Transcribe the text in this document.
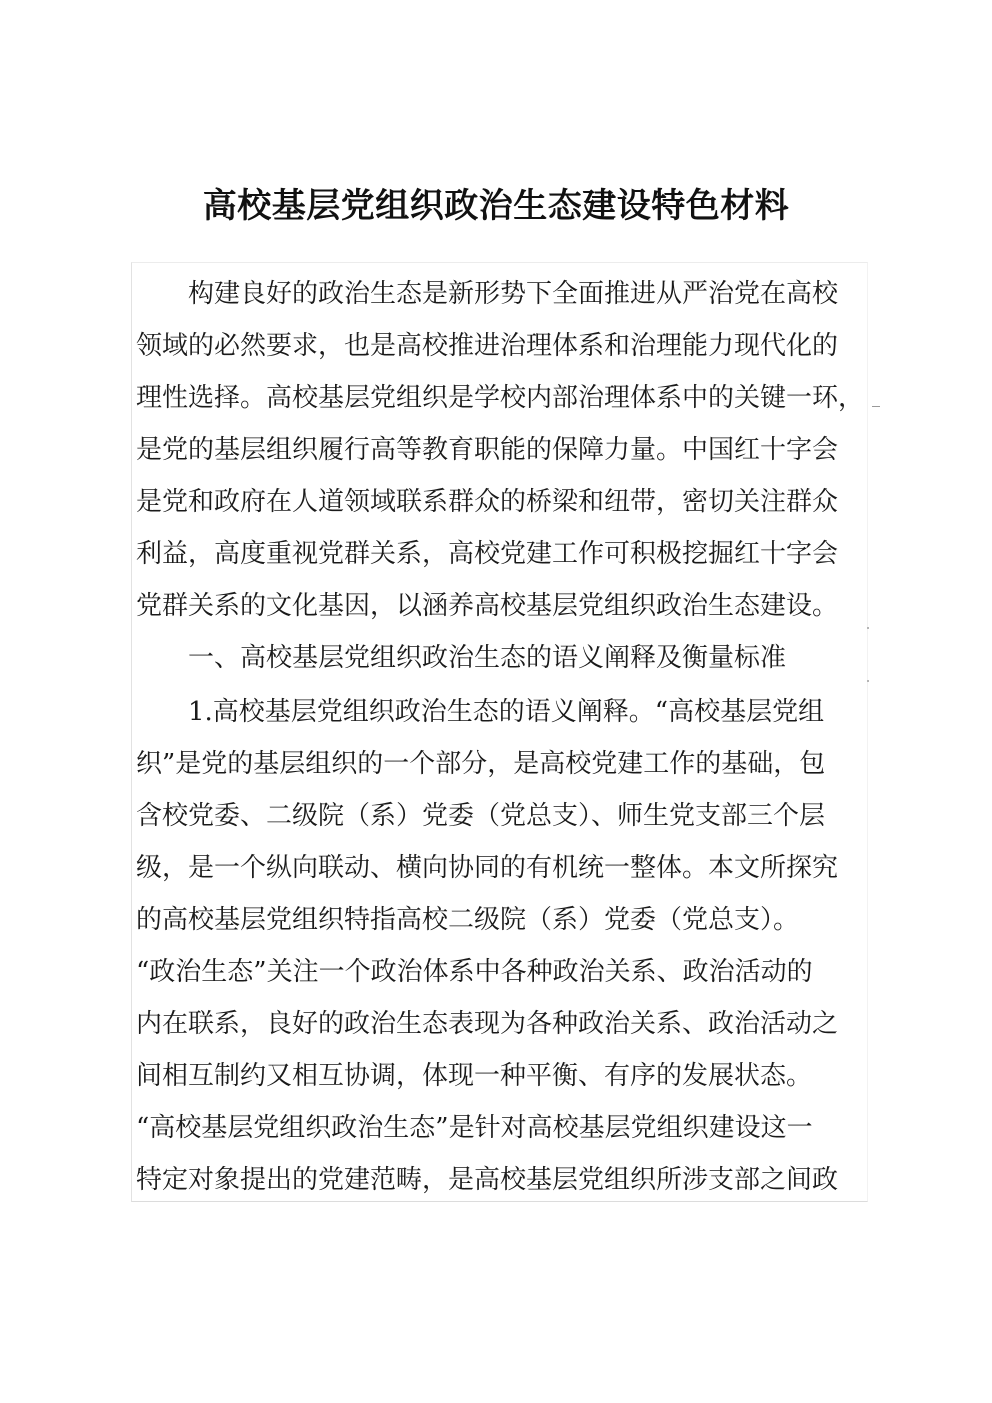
高校基层党组织政治生态建设特色材料
　　构建良好的政治生态是新形势下全面推进从严治党在高校
领域的必然要求，也是高校推进治理体系和治理能力现代化的
理性选择。高校基层党组织是学校内部治理体系中的关键一环，
是党的基层组织履行高等教育职能的保障力量。中国红十字会
是党和政府在人道领域联系群众的桥梁和纽带，密切关注群众
利益，高度重视党群关系，高校党建工作可积极挖掘红十字会
党群关系的文化基因，以涵养高校基层党组织政治生态建设。
　　一、高校基层党组织政治生态的语义阐释及衡量标准
　　1.高校基层党组织政治生态的语义阐释。“高校基层党组
织”是党的基层组织的一个部分，是高校党建工作的基础，包
含校党委、二级院（系）党委（党总支）、师生党支部三个层
级，是一个纵向联动、横向协同的有机统一整体。本文所探究
的高校基层党组织特指高校二级院（系）党委（党总支）。
“政治生态”关注一个政治体系中各种政治关系、政治活动的
内在联系，良好的政治生态表现为各种政治关系、政治活动之
间相互制约又相互协调，体现一种平衡、有序的发展状态。
“高校基层党组织政治生态”是针对高校基层党组织建设这一
特定对象提出的党建范畴，是高校基层党组织所涉支部之间政
